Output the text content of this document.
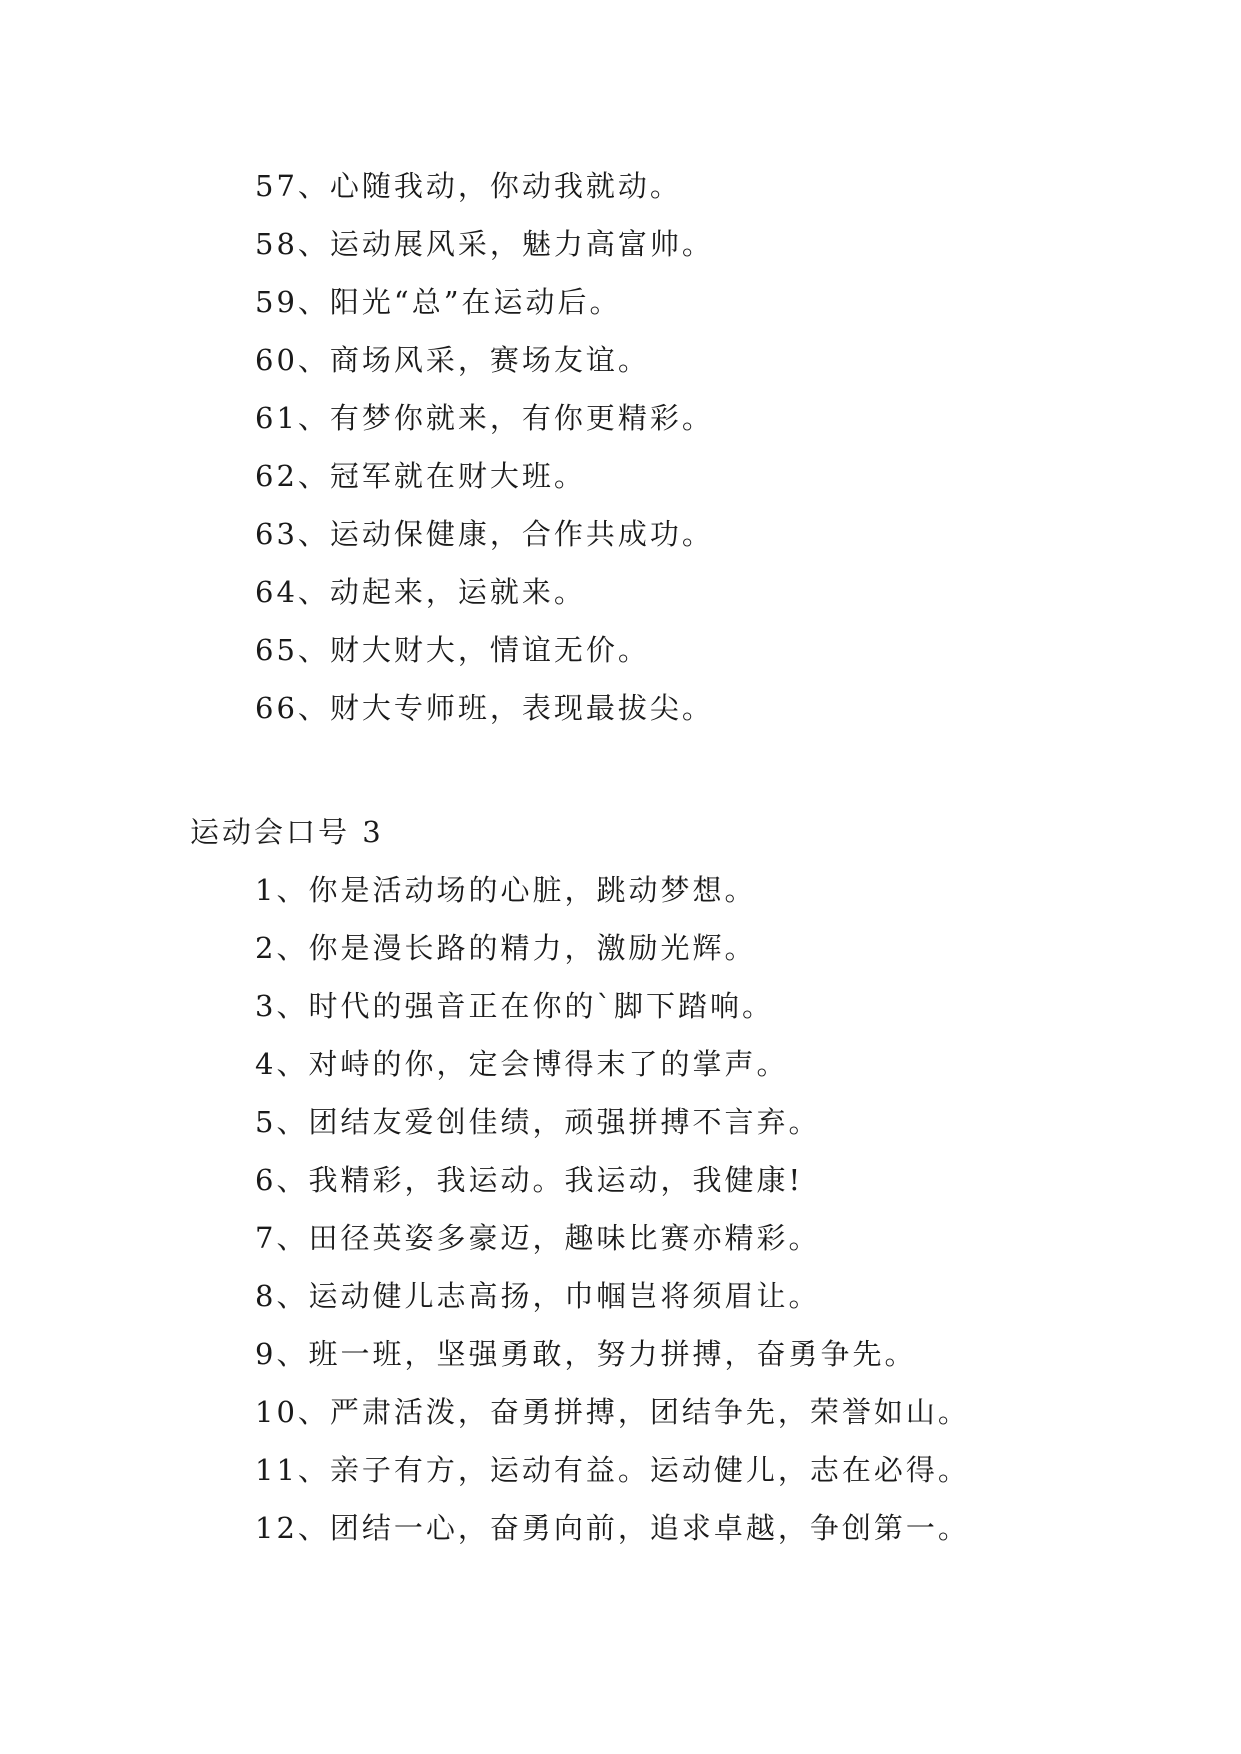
57、心随我动，你动我就动。
58、运动展风采，魅力高富帅。
59、阳光“总”在运动后。
60、商场风采，赛场友谊。
61、有梦你就来，有你更精彩。
62、冠军就在财大班。
63、运动保健康，合作共成功。
64、动起来，运就来。
65、财大财大，情谊无价。
66、财大专师班，表现最拔尖。
运动会口号 3
1、你是活动场的心脏，跳动梦想。
2、你是漫长路的精力，激励光辉。
3、时代的强音正在你的`脚下踏响。
4、对峙的你，定会博得末了的掌声。
5、团结友爱创佳绩，顽强拼搏不言弃。
6、我精彩，我运动。我运动，我健康!
7、田径英姿多豪迈，趣味比赛亦精彩。
8、运动健儿志高扬，巾帼岂将须眉让。
9、班一班，坚强勇敢，努力拼搏，奋勇争先。
10、严肃活泼，奋勇拼搏，团结争先，荣誉如山。
11、亲子有方，运动有益。运动健儿，志在必得。
12、团结一心，奋勇向前，追求卓越，争创第一。
